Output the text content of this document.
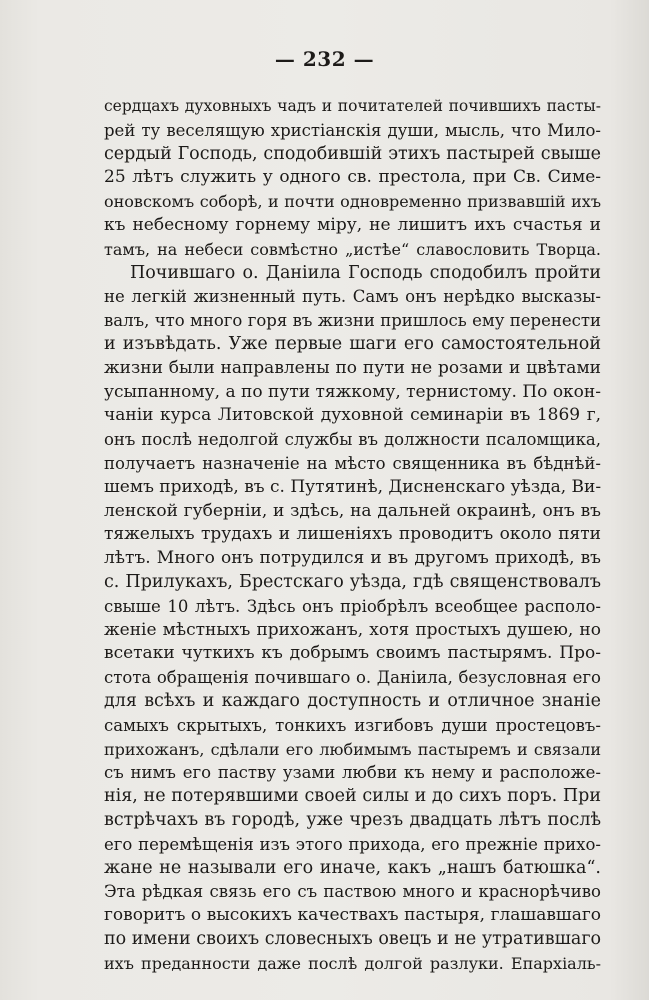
— 232 —
сердцахъ духовныхъ чадъ и почитателей почившихъ пасты-
рей ту веселящую христіанскія души, мысль, что Мило-
сердый Господь, сподобившій этихъ пастырей свыше
25 лѣтъ служить у одного св. престола, при Св. Симе-
оновскомъ соборѣ, и почти одновременно призвавшій ихъ
къ небесному горнему міру, не лишитъ ихъ счастья и
тамъ, на небеси совмѣстно „истѣе“ славословить Творца.
Почившаго о. Даніила Господь сподобилъ пройти
не легкій жизненный путь. Самъ онъ нерѣдко высказы-
валъ, что много горя въ жизни пришлось ему перенести
и изъвѣдать. Уже первые шаги его самостоятельной
жизни были направлены по пути не розами и цвѣтами
усыпанному, а по пути тяжкому, тернистому. По окон-
чаніи курса Литовской духовной семинаріи въ 1869 г,
онъ послѣ недолгой службы въ должности псаломщика,
получаетъ назначеніе на мѣсто священника въ бѣднѣй-
шемъ приходѣ, въ с. Путятинѣ, Дисненскаго уѣзда, Ви-
ленской губерніи, и здѣсь, на дальней окраинѣ, онъ въ
тяжелыхъ трудахъ и лишеніяхъ проводитъ около пяти
лѣтъ. Много онъ потрудился и въ другомъ приходѣ, въ
с. Прилукахъ, Брестскаго уѣзда, гдѣ священствовалъ
свыше 10 лѣтъ. Здѣсь онъ пріобрѣлъ всеобщее располо-
женіе мѣстныхъ прихожанъ, хотя простыхъ душею, но
всетаки чуткихъ къ добрымъ своимъ пастырямъ. Про-
стота обращенія почившаго о. Даніила, безусловная его
для всѣхъ и каждаго доступность и отличное знаніе
самыхъ скрытыхъ, тонкихъ изгибовъ души простецовъ-
прихожанъ, сдѣлали его любимымъ пастыремъ и связали
съ нимъ его паству узами любви къ нему и расположе-
нія, не потерявшими своей силы и до сихъ поръ. При
встрѣчахъ въ городѣ, уже чрезъ двадцать лѣтъ послѣ
его перемѣщенія изъ этого прихода, его прежніе прихо-
жане не называли его иначе, какъ „нашъ батюшка“.
Эта рѣдкая связь его съ паствою много и краснорѣчиво
говоритъ о высокихъ качествахъ пастыря, глашавшаго
по имени своихъ словесныхъ овецъ и не утратившаго
ихъ преданности даже послѣ долгой разлуки. Епархіаль-
